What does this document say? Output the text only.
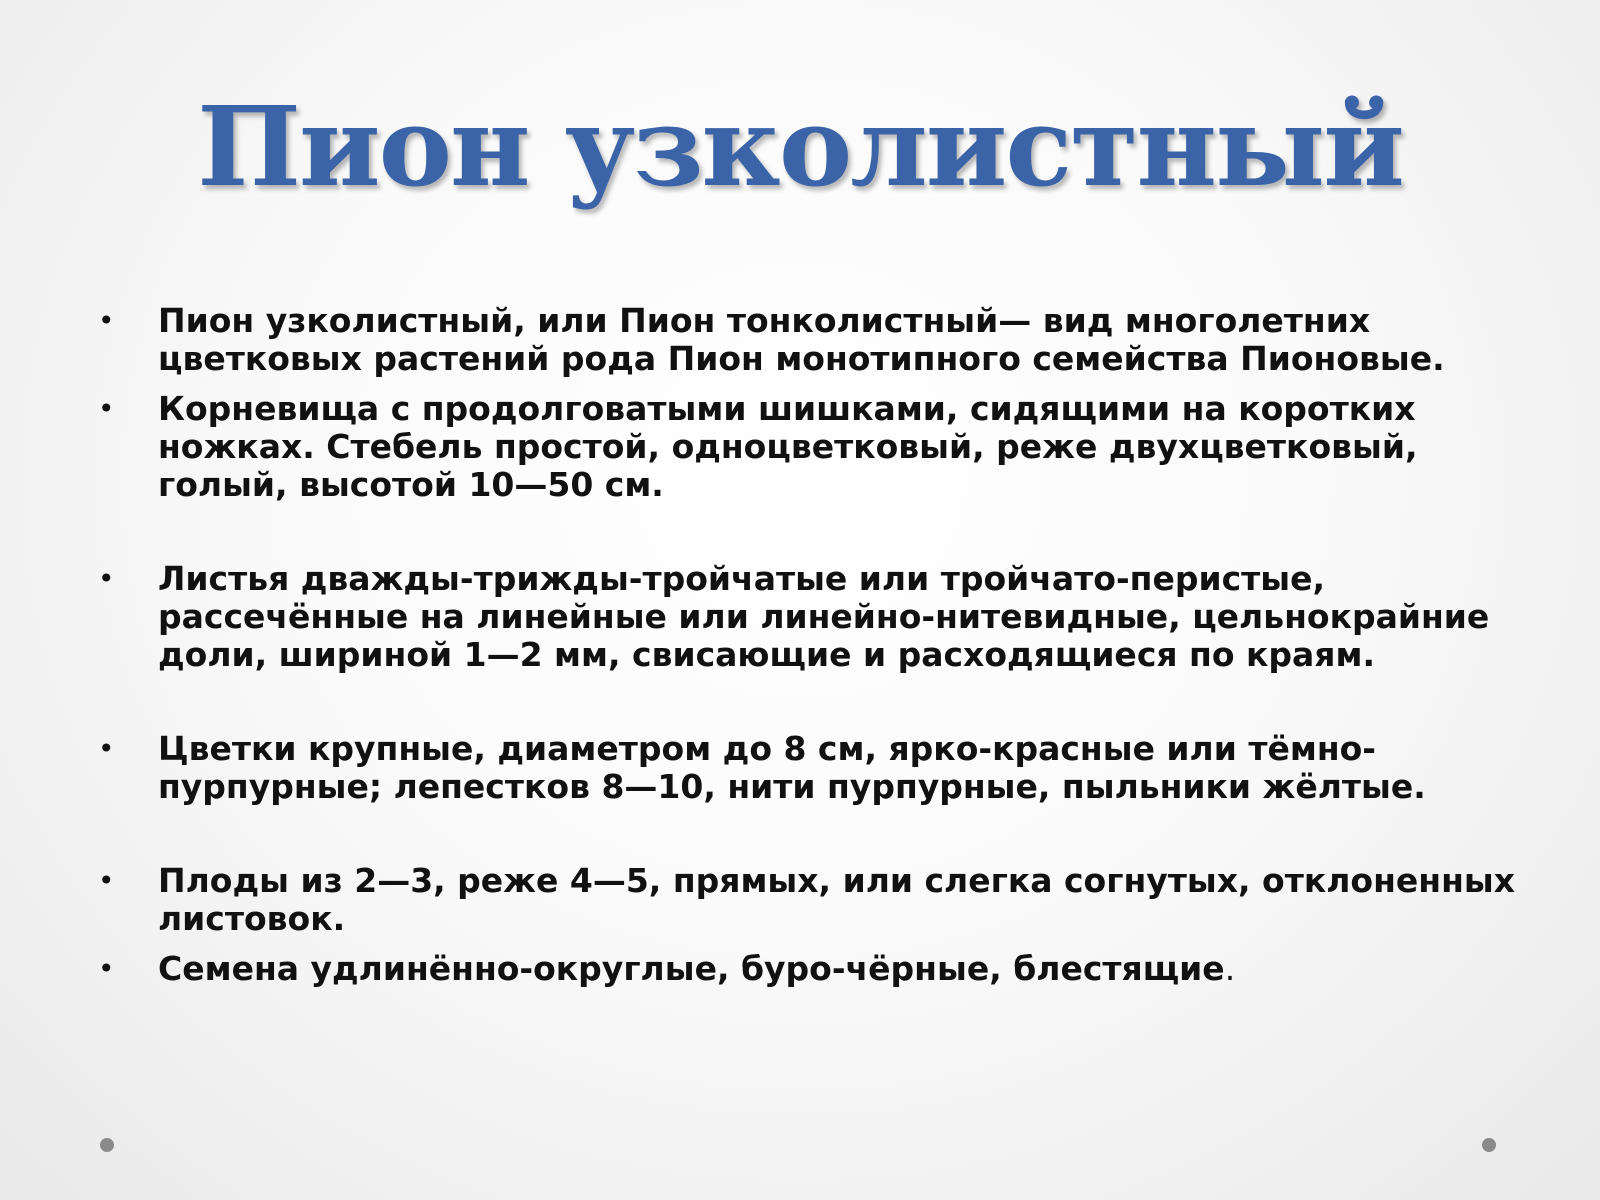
Пион узколистный
• Пион узколистный, или Пион тонколистный— вид многолетних цветковых растений рода Пион монотипного семейства Пионовые.
• Корневища с продолговатыми шишками, сидящими на коротких ножках. Стебель простой, одноцветковый, реже двухцветковый, голый, высотой 10—50 см.
• Листья дважды-трижды-тройчатые или тройчато-перистые, рассечённые на линейные или линейно-нитевидные, цельнокрайние доли, шириной 1—2 мм, свисающие и расходящиеся по краям.
• Цветки крупные, диаметром до 8 см, ярко-красные или тёмно-пурпурные; лепестков 8—10, нити пурпурные, пыльники жёлтые.
• Плоды из 2—3, реже 4—5, прямых, или слегка согнутых, отклоненных листовок.
• Семена удлинённо-округлые, буро-чёрные, блестящие.
